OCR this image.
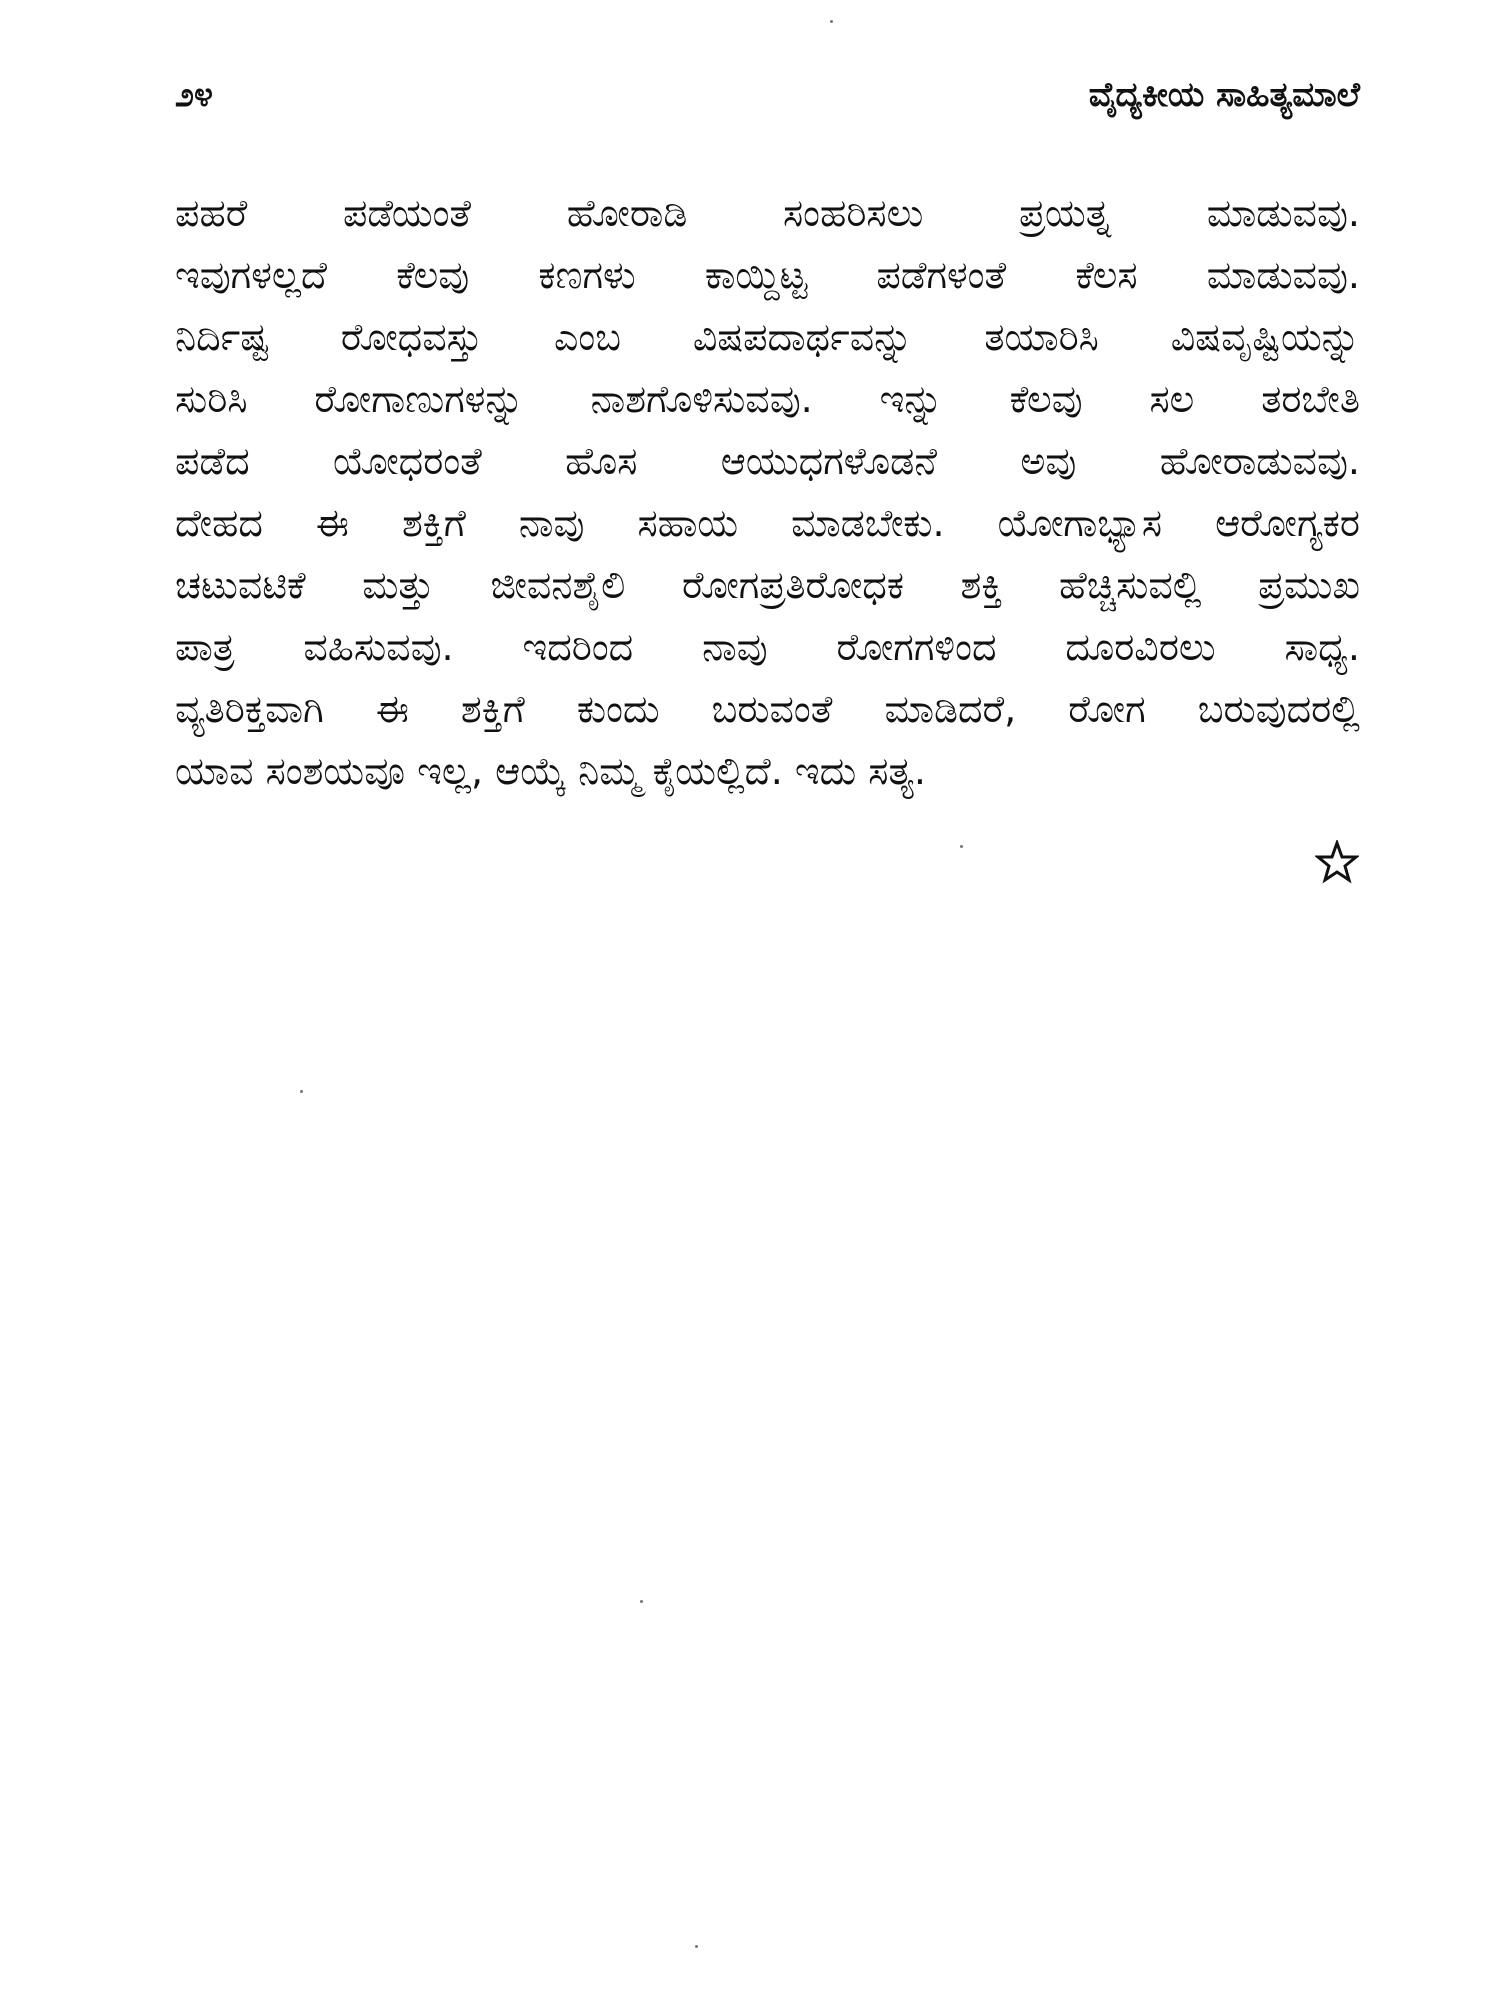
೨೪	ವೈದ್ಯಕೀಯ ಸಾಹಿತ್ಯಮಾಲೆ
ಪಹರೆ ಪಡೆಯಂತೆ ಹೋರಾಡಿ ಸಂಹರಿಸಲು ಪ್ರಯತ್ನ ಮಾಡುವವು.
ಇವುಗಳಲ್ಲದೆ ಕೆಲವು ಕಣಗಳು ಕಾಯ್ದಿಟ್ಟ ಪಡೆಗಳಂತೆ ಕೆಲಸ ಮಾಡುವವು.
ನಿರ್ದಿಷ್ಟ ರೋಧವಸ್ತು ಎಂಬ ವಿಷಪದಾರ್ಥವನ್ನು ತಯಾರಿಸಿ ವಿಷವೃಷ್ಟಿಯನ್ನು
ಸುರಿಸಿ ರೋಗಾಣುಗಳನ್ನು ನಾಶಗೊಳಿಸುವವು. ಇನ್ನು ಕೆಲವು ಸಲ ತರಬೇತಿ
ಪಡೆದ ಯೋಧರಂತೆ ಹೊಸ ಆಯುಧಗಳೊಡನೆ ಅವು ಹೋರಾಡುವವು.
ದೇಹದ ಈ ಶಕ್ತಿಗೆ ನಾವು ಸಹಾಯ ಮಾಡಬೇಕು. ಯೋಗಾಭ್ಯಾಸ ಆರೋಗ್ಯಕರ
ಚಟುವಟಿಕೆ ಮತ್ತು ಜೀವನಶೈಲಿ ರೋಗಪ್ರತಿರೋಧಕ ಶಕ್ತಿ ಹೆಚ್ಚಿಸುವಲ್ಲಿ ಪ್ರಮುಖ
ಪಾತ್ರ ವಹಿಸುವವು. ಇದರಿಂದ ನಾವು ರೋಗಗಳಿಂದ ದೂರವಿರಲು ಸಾಧ್ಯ.
ವ್ಯತಿರಿಕ್ತವಾಗಿ ಈ ಶಕ್ತಿಗೆ ಕುಂದು ಬರುವಂತೆ ಮಾಡಿದರೆ, ರೋಗ ಬರುವುದರಲ್ಲಿ
ಯಾವ ಸಂಶಯವೂ ಇಲ್ಲ, ಆಯ್ಕೆ ನಿಮ್ಮ ಕೈಯಲ್ಲಿದೆ. ಇದು ಸತ್ಯ.
